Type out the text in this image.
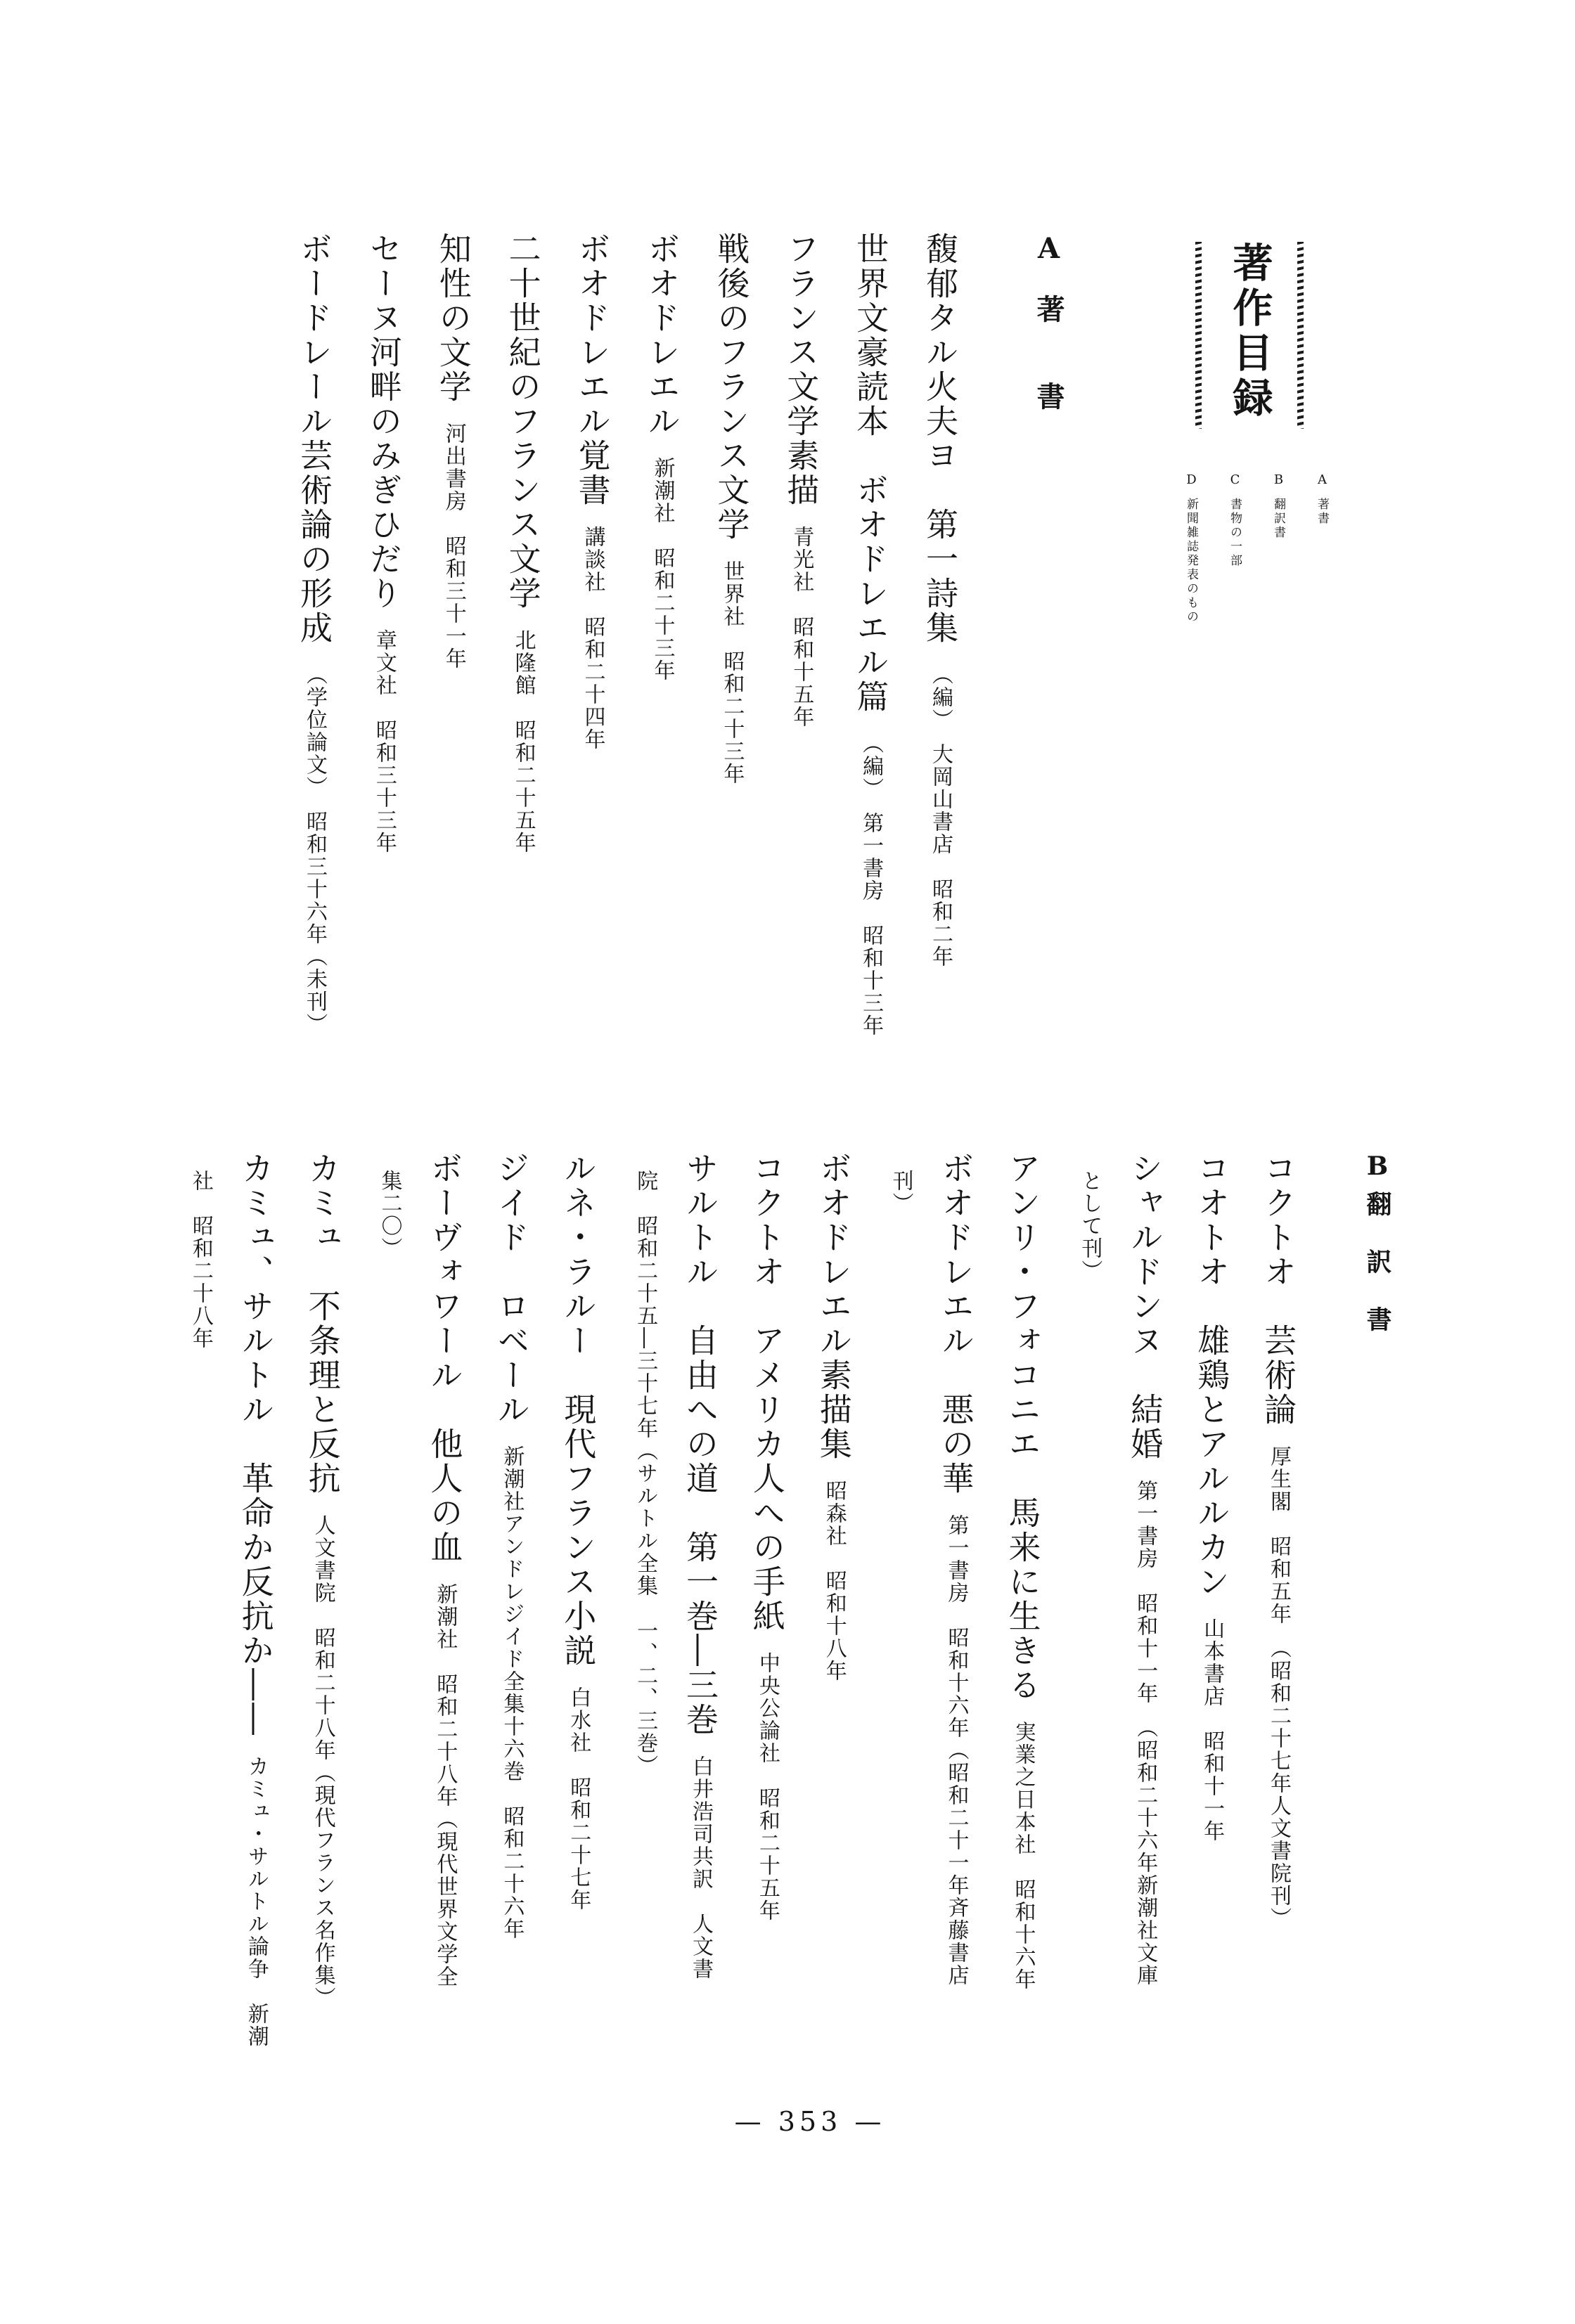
著作目録
A著書
B翻訳書
C書物の一部
D新聞雑誌発表のもの
A著　書
馥郁タル火夫ヨ　第一詩集（編）　大岡山書店　昭和二年
世界文豪読本　ボオドレエル篇（編）　第一書房　昭和十三年
フランス文学素描青光社　昭和十五年
戦後のフランス文学世界社　昭和二十三年
ボオドレエル新潮社　昭和二十三年
ボオドレエル覚書講談社　昭和二十四年
二十世紀のフランス文学北隆館　昭和二十五年
知性の文学河出書房　昭和三十一年
セーヌ河畔のみぎひだり章文社　昭和三十三年
ボードレール芸術論の形成（学位論文）　昭和三十六年（未刊）
B翻　訳　書
コクトオ　芸術論厚生閣　昭和五年　（昭和二十七年人文書院刊）
コオトオ　雄鶏とアルルカン山本書店　昭和十一年
シャルドンヌ　結婚第一書房　昭和十一年　（昭和二十六年新潮社文庫
として刊）
アンリ・フォコニエ　馬来に生きる実業之日本社　昭和十六年
ボオドレエル　悪の華第一書房　昭和十六年（昭和二十一年斉藤書店
刊）
ボオドレエル素描集昭森社　昭和十八年
コクトオ　アメリカ人への手紙中央公論社　昭和二十五年
サルトル　自由への道　第一巻―三巻白井浩司共訳　人文書
院　昭和二十五―三十七年（サルトル全集　一、二、三巻）
ルネ・ラルー　現代フランス小説白水社　昭和二十七年
ジイド　ロベール新潮社アンドレジイド全集十六巻　昭和二十六年
ボーヴォワール　他人の血新潮社　昭和二十八年（現代世界文学全
集二〇）
カミュ　不条理と反抗人文書院　昭和二十八年（現代フランス名作集）
カミュ、サルトル　革命か反抗か――カミュ・サルトル論争　新潮
社　昭和二十八年
— 353 —
